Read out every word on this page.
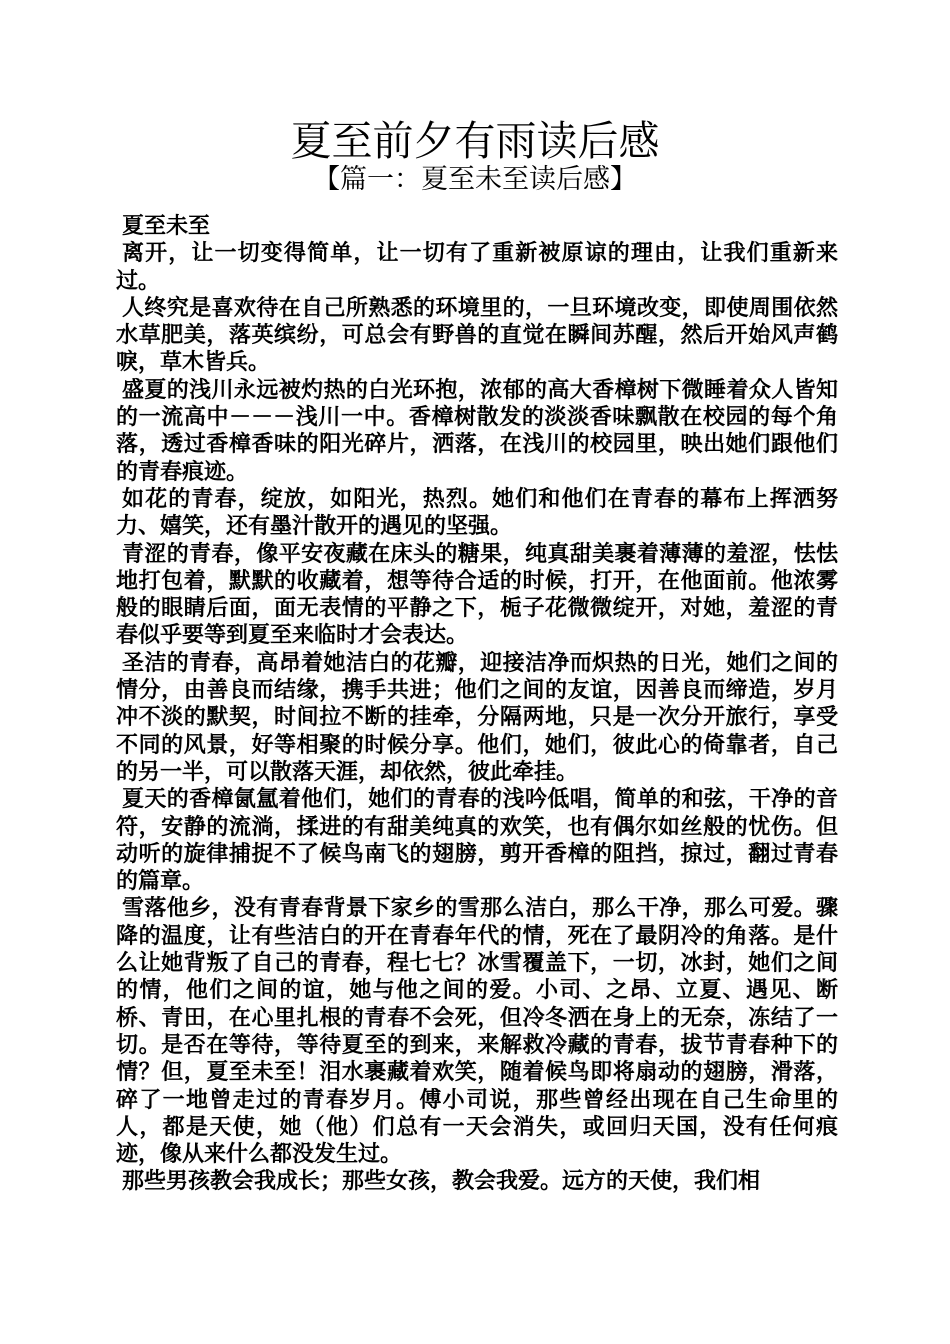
夏至前夕有雨读后感
【篇一：夏至未至读后感】

夏至未至

离开，让一切变得简单，让一切有了重新被原谅的理由，让我们重新来过。

人终究是喜欢待在自己所熟悉的环境里的，一旦环境改变，即使周围依然水草肥美，落英缤纷，可总会有野兽的直觉在瞬间苏醒，然后开始风声鹤唳，草木皆兵。

盛夏的浅川永远被灼热的白光环抱，浓郁的高大香樟树下微睡着众人皆知的一流高中－－－浅川一中。香樟树散发的淡淡香味飘散在校园的每个角落，透过香樟香味的阳光碎片，洒落，在浅川的校园里，映出她们跟他们的青春痕迹。

如花的青春，绽放，如阳光，热烈。她们和他们在青春的幕布上挥洒努力、嬉笑，还有墨汁散开的遇见的坚强。

青涩的青春，像平安夜藏在床头的糖果，纯真甜美裹着薄薄的羞涩，怯怯地打包着，默默的收藏着，想等待合适的时候，打开，在他面前。他浓雾般的眼睛后面，面无表情的平静之下，栀子花微微绽开，对她，羞涩的青春似乎要等到夏至来临时才会表达。

圣洁的青春，高昂着她洁白的花瓣，迎接洁净而炽热的日光，她们之间的情分，由善良而结缘，携手共进；他们之间的友谊，因善良而缔造，岁月冲不淡的默契，时间拉不断的挂牵，分隔两地，只是一次分开旅行，享受不同的风景，好等相聚的时候分享。他们，她们，彼此心的倚靠者，自己的另一半，可以散落天涯，却依然，彼此牵挂。

夏天的香樟氤氲着他们，她们的青春的浅吟低唱，简单的和弦，干净的音符，安静的流淌，揉进的有甜美纯真的欢笑，也有偶尔如丝般的忧伤。但动听的旋律捕捉不了候鸟南飞的翅膀，剪开香樟的阻挡，掠过，翻过青春的篇章。

雪落他乡，没有青春背景下家乡的雪那么洁白，那么干净，那么可爱。骤降的温度，让有些洁白的开在青春年代的情，死在了最阴冷的角落。是什么让她背叛了自己的青春，程七七？冰雪覆盖下，一切，冰封，她们之间的情，他们之间的谊，她与他之间的爱。小司、之昂、立夏、遇见、断桥、青田，在心里扎根的青春不会死，但冷冬洒在身上的无奈，冻结了一切。是否在等待，等待夏至的到来，来解救冷藏的青春，拔节青春种下的情？但，夏至未至！泪水裹藏着欢笑，随着候鸟即将扇动的翅膀，滑落，碎了一地曾走过的青春岁月。傅小司说，那些曾经出现在自己生命里的人，都是天使，她（他）们总有一天会消失，或回归天国，没有任何痕迹，像从来什么都没发生过。

那些男孩教会我成长；那些女孩，教会我爱。远方的天使，我们相
